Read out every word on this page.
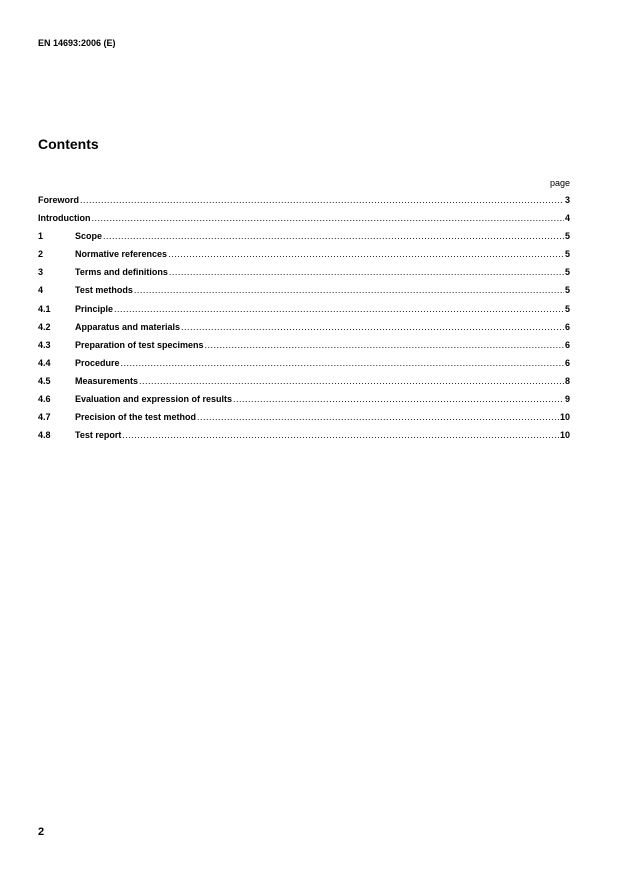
EN 14693:2006 (E)
Contents
page
Foreword .....	3
Introduction .....	4
1	Scope .....	5
2	Normative references .....	5
3	Terms and definitions .....	5
4	Test methods .....	5
4.1	Principle .....	5
4.2	Apparatus and materials .....	6
4.3	Preparation of test specimens .....	6
4.4	Procedure .....	6
4.5	Measurements .....	8
4.6	Evaluation and expression of results .....	9
4.7	Precision of the test method .....	10
4.8	Test report .....	10
2
